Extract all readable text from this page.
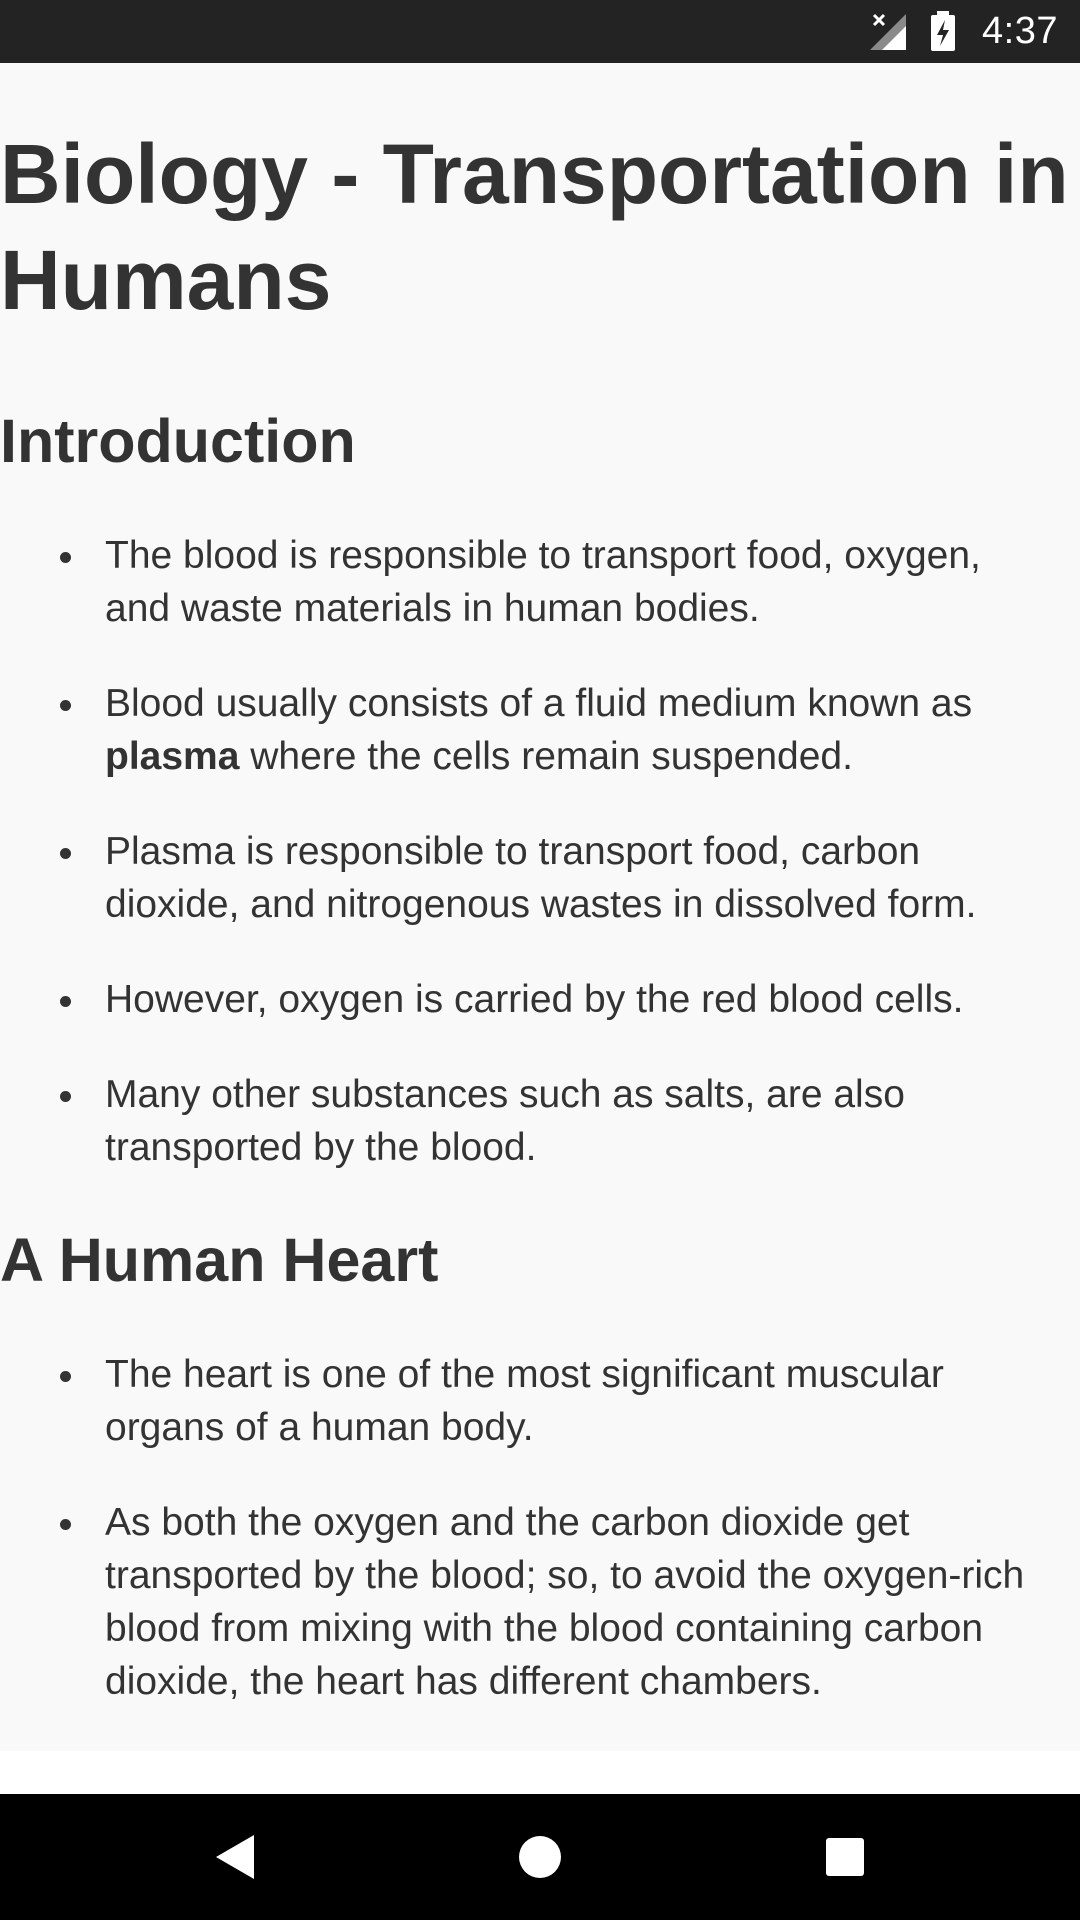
4:37
Biology - Transportation in Humans
Introduction
The blood is responsible to transport food, oxygen, and waste materials in human bodies.
Blood usually consists of a fluid medium known as plasma where the cells remain suspended.
Plasma is responsible to transport food, carbon dioxide, and nitrogenous wastes in dissolved form.
However, oxygen is carried by the red blood cells.
Many other substances such as salts, are also transported by the blood.
A Human Heart
The heart is one of the most significant muscular organs of a human body.
As both the oxygen and the carbon dioxide get transported by the blood; so, to avoid the oxygen-rich blood from mixing with the blood containing carbon dioxide, the heart has different chambers.
